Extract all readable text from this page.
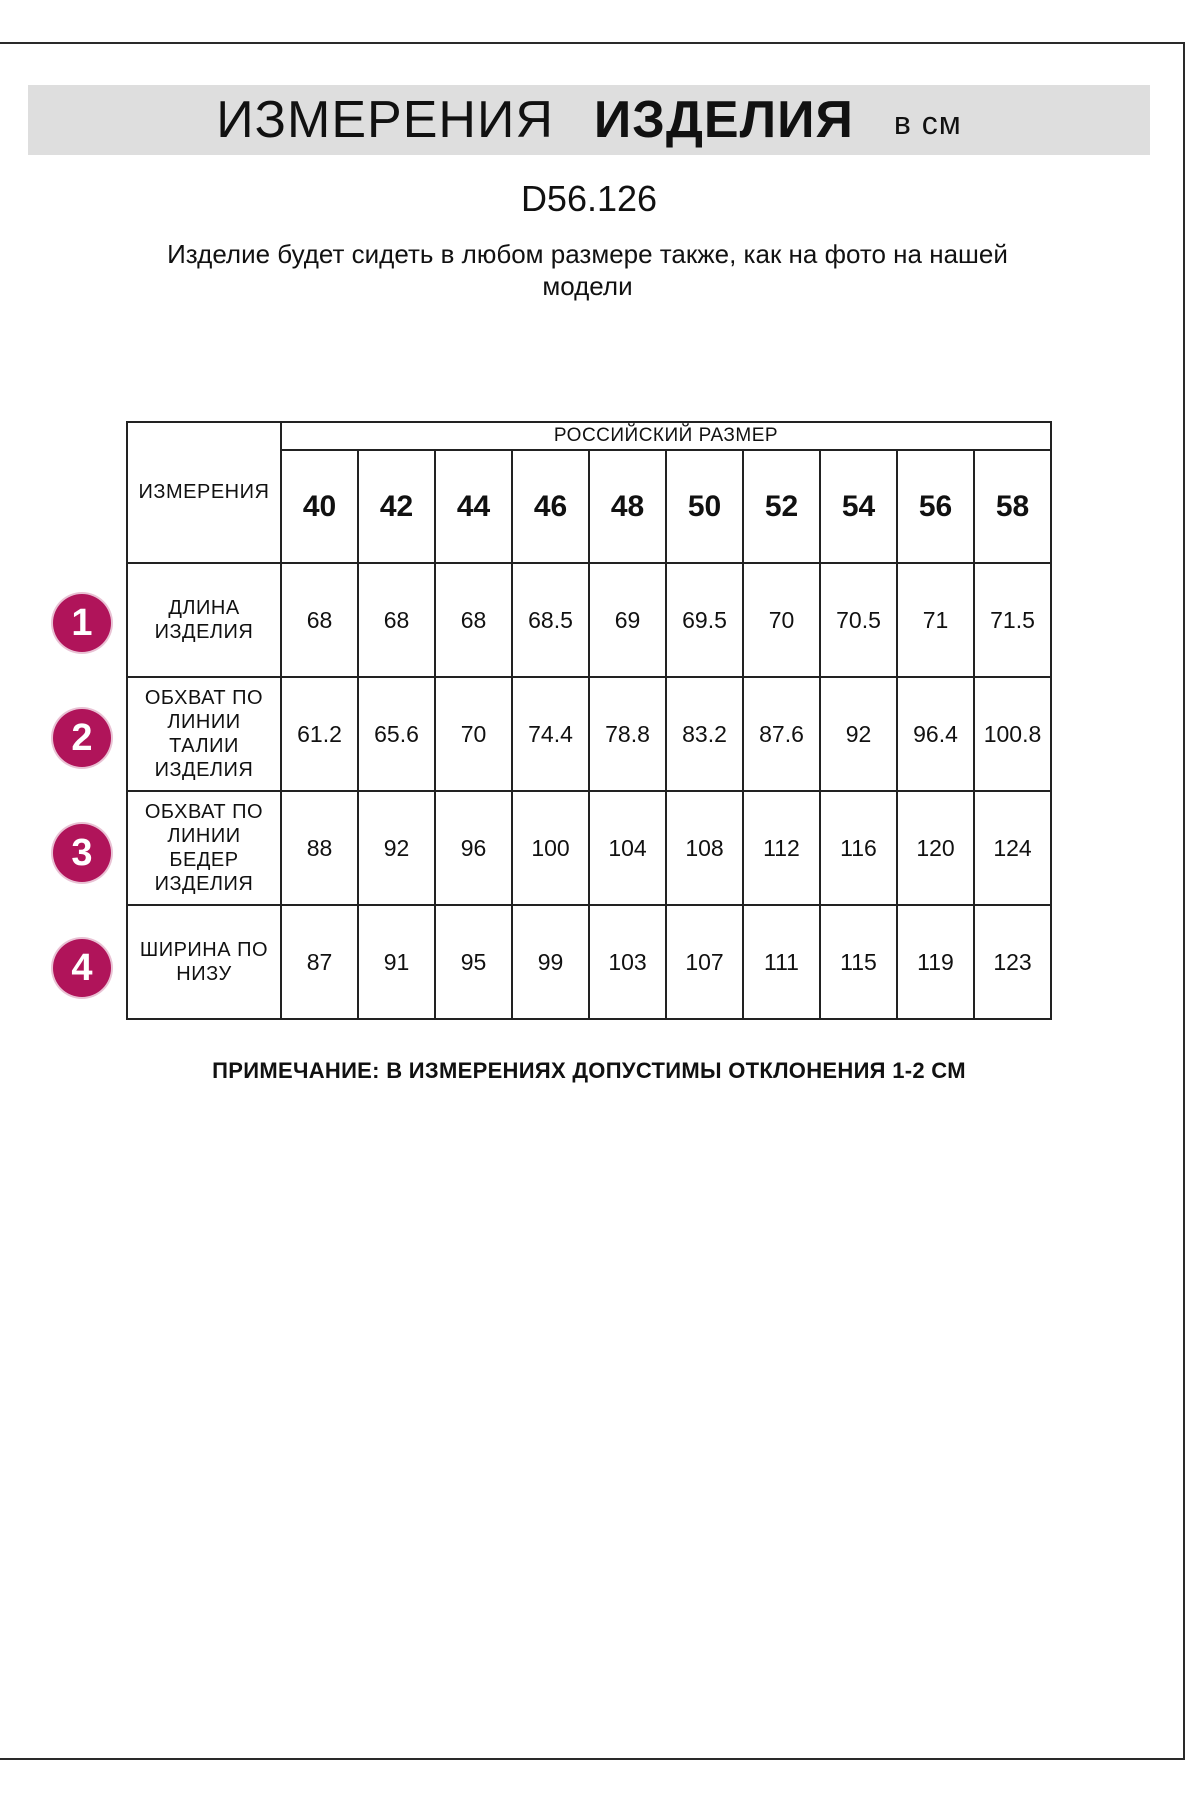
ИЗМЕРЕНИЯ ИЗДЕЛИЯ в см
D56.126
Изделие будет сидеть в любом размере также, как на фото на нашей модели
ИЗМЕРЕНИЯ	РОССИЙСКИЙ РАЗМЕР									
	40	42	44	46	48	50	52	54	56	58

ДЛИНА
ИЗДЕЛИЯ	68	68	68	68.5	69	69.5	70	70.5	71	71.5

ОБХВАТ ПО
ЛИНИИ
ТАЛИИ
ИЗДЕЛИЯ	61.2	65.6	70	74.4	78.8	83.2	87.6	92	96.4	100.8

ОБХВАТ ПО
ЛИНИИ
БЕДЕР
ИЗДЕЛИЯ	88	92	96	100	104	108	112	116	120	124

ШИРИНА ПО
НИЗУ	87	91	95	99	103	107	111	115	119	123
1
2
3
4
ПРИМЕЧАНИЕ: В ИЗМЕРЕНИЯХ ДОПУСТИМЫ ОТКЛОНЕНИЯ 1-2 СМ
